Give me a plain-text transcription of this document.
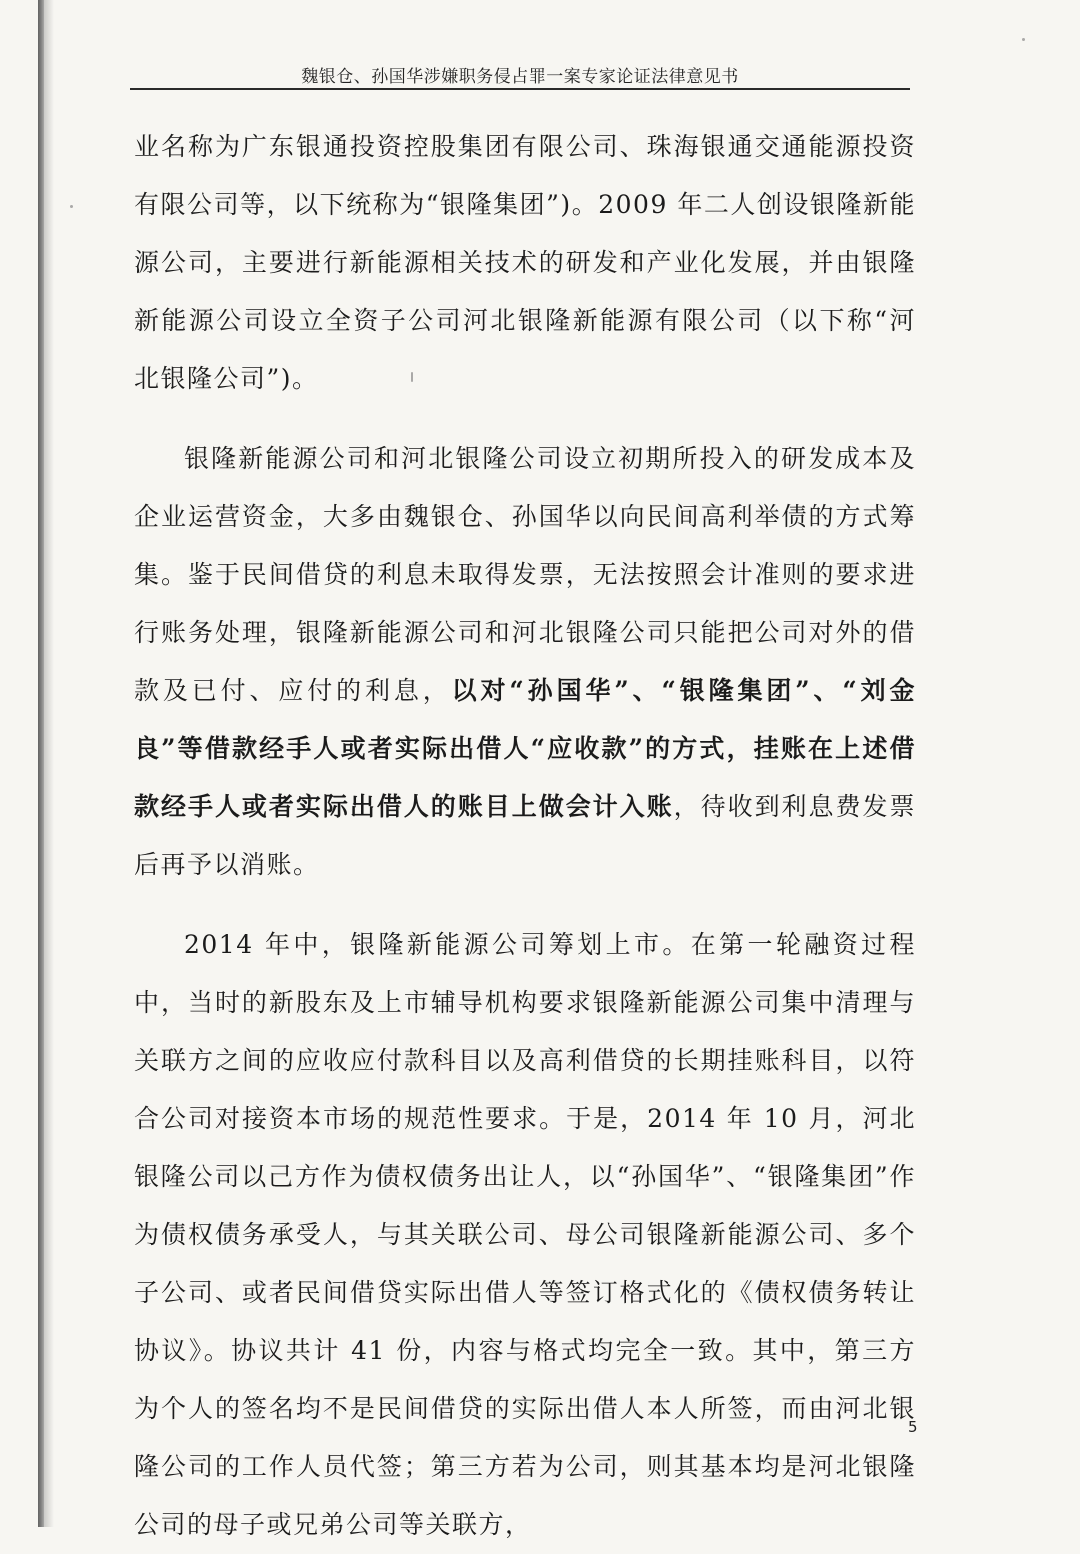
魏银仓、孙国华涉嫌职务侵占罪一案专家论证法律意见书

业名称为广东银通投资控股集团有限公司、珠海银通交通能源投资有限公司等，以下统称为“银隆集团”)。2009 年二人创设银隆新能源公司，主要进行新能源相关技术的研发和产业化发展，并由银隆新能源公司设立全资子公司河北银隆新能源有限公司（以下称“河北银隆公司”)。

银隆新能源公司和河北银隆公司设立初期所投入的研发成本及企业运营资金，大多由魏银仓、孙国华以向民间高利举债的方式筹集。鉴于民间借贷的利息未取得发票，无法按照会计准则的要求进行账务处理，银隆新能源公司和河北银隆公司只能把公司对外的借款及已付、应付的利息，以对“孙国华”、“银隆集团”、“刘金良”等借款经手人或者实际出借人“应收款”的方式，挂账在上述借款经手人或者实际出借人的账目上做会计入账，待收到利息费发票后再予以消账。

2014 年中，银隆新能源公司筹划上市。在第一轮融资过程中，当时的新股东及上市辅导机构要求银隆新能源公司集中清理与关联方之间的应收应付款科目以及高利借贷的长期挂账科目，以符合公司对接资本市场的规范性要求。于是，2014 年 10 月，河北银隆公司以己方作为债权债务出让人，以“孙国华”、“银隆集团”作为债权债务承受人，与其关联公司、母公司银隆新能源公司、多个子公司、或者民间借贷实际出借人等签订格式化的《债权债务转让协议》。协议共计 41 份，内容与格式均完全一致。其中，第三方为个人的签名均不是民间借贷的实际出借人本人所签，而由河北银隆公司的工作人员代签；第三方若为公司，则其基本均是河北银隆公司的母子或兄弟公司等关联方，

5
